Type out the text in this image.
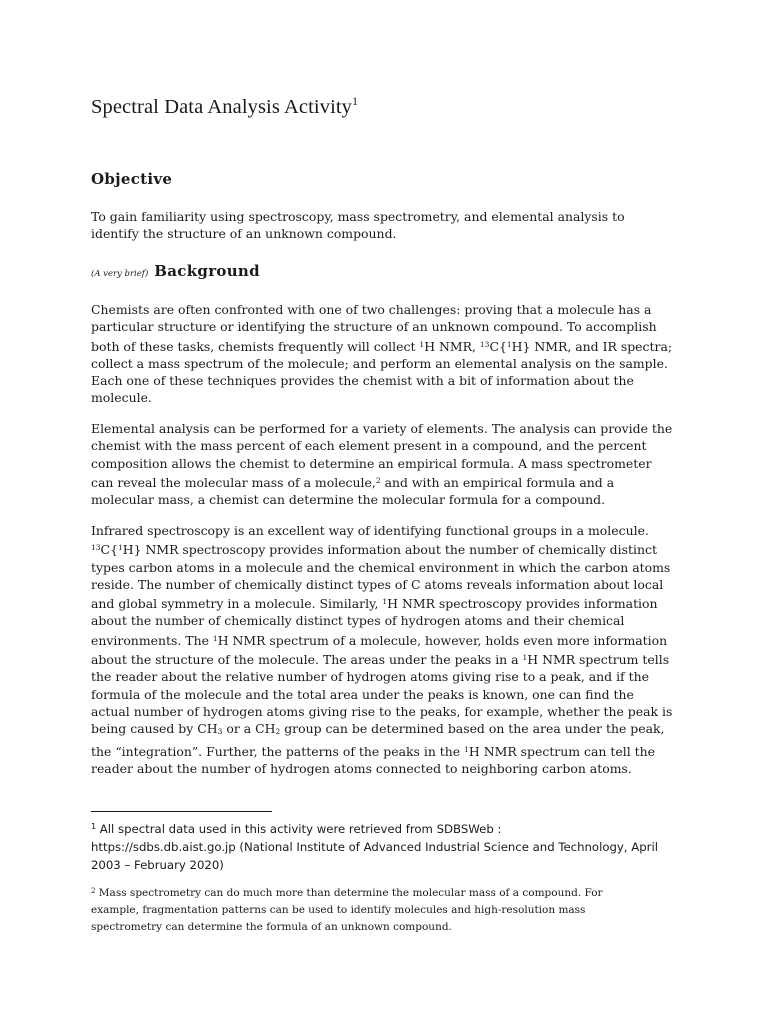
Spectral Data Analysis Activity$^1$
Objective

To gain familiarity using spectroscopy, mass spectrometry, and elemental analysis to
identify the structure of an unknown compound.

(A very brief) Background

Chemists are often confronted with one of two challenges: proving that a molecule has a
particular structure or identifying the structure of an unknown compound. To accomplish
both of these tasks, chemists frequently will collect $^1$H NMR, $^{13}$C{$^1$H} NMR, and IR spectra;
collect a mass spectrum of the molecule; and perform an elemental analysis on the sample.
Each one of these techniques provides the chemist with a bit of information about the
molecule.

Elemental analysis can be performed for a variety of elements. The analysis can provide the
chemist with the mass percent of each element present in a compound, and the percent
composition allows the chemist to determine an empirical formula. A mass spectrometer
can reveal the molecular mass of a molecule,$^2$ and with an empirical formula and a
molecular mass, a chemist can determine the molecular formula for a compound.

Infrared spectroscopy is an excellent way of identifying functional groups in a molecule.
$^{13}$C{$^1$H} NMR spectroscopy provides information about the number of chemically distinct
types carbon atoms in a molecule and the chemical environment in which the carbon atoms
reside. The number of chemically distinct types of C atoms reveals information about local
and global symmetry in a molecule. Similarly, $^1$H NMR spectroscopy provides information
about the number of chemically distinct types of hydrogen atoms and their chemical
environments. The $^1$H NMR spectrum of a molecule, however, holds even more information
about the structure of the molecule. The areas under the peaks in a $^1$H NMR spectrum tells
the reader about the relative number of hydrogen atoms giving rise to a peak, and if the
formula of the molecule and the total area under the peaks is known, one can find the
actual number of hydrogen atoms giving rise to the peaks, for example, whether the peak is
being caused by $CH_3$ or a $CH_2$ group can be determined based on the area under the peak,
the “integration”. Further, the patterns of the peaks in the $^1$H NMR spectrum can tell the
reader about the number of hydrogen atoms connected to neighboring carbon atoms.

$^1$ All spectral data used in this activity were retrieved from SDBSWeb :
https://sdbs.db.aist.go.jp (National Institute of Advanced Industrial Science and Technology, April
2003 – February 2020)
$^2$ Mass spectrometry can do much more than determine the molecular mass of a compound. For
example, fragmentation patterns can be used to identify molecules and high-resolution mass
spectrometry can determine the formula of an unknown compound.
